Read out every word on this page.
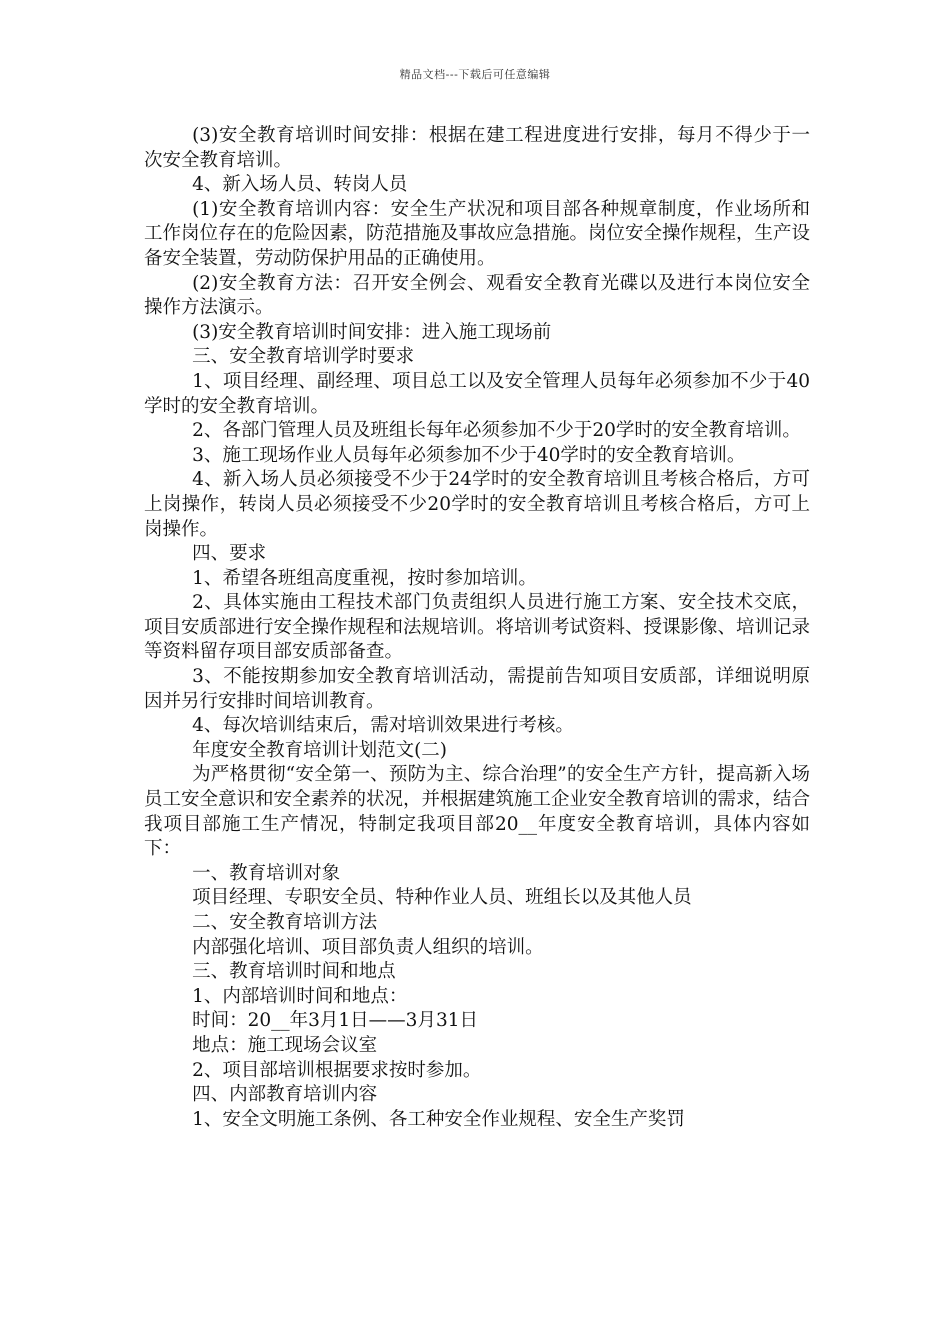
精品文档---下载后可任意编辑

(3)安全教育培训时间安排：根据在建工程进度进行安排，每月不得少于一次安全教育培训。

4、新入场人员、转岗人员

(1)安全教育培训内容：安全生产状况和项目部各种规章制度，作业场所和工作岗位存在的危险因素，防范措施及事故应急措施。岗位安全操作规程，生产设备安全装置，劳动防保护用品的正确使用。

(2)安全教育方法：召开安全例会、观看安全教育光碟以及进行本岗位安全操作方法演示。

(3)安全教育培训时间安排：进入施工现场前

三、安全教育培训学时要求

1、项目经理、副经理、项目总工以及安全管理人员每年必须参加不少于40学时的安全教育培训。

2、各部门管理人员及班组长每年必须参加不少于20学时的安全教育培训。

3、施工现场作业人员每年必须参加不少于40学时的安全教育培训。

4、新入场人员必须接受不少于24学时的安全教育培训且考核合格后，方可上岗操作，转岗人员必须接受不少20学时的安全教育培训且考核合格后，方可上岗操作。

四、要求

1、希望各班组高度重视，按时参加培训。

2、具体实施由工程技术部门负责组织人员进行施工方案、安全技术交底，项目安质部进行安全操作规程和法规培训。将培训考试资料、授课影像、培训记录等资料留存项目部安质部备查。

3、不能按期参加安全教育培训活动，需提前告知项目安质部，详细说明原因并另行安排时间培训教育。

4、每次培训结束后，需对培训效果进行考核。

年度安全教育培训计划范文(二)

为严格贯彻“安全第一、预防为主、综合治理”的安全生产方针，提高新入场员工安全意识和安全素养的状况，并根据建筑施工企业安全教育培训的需求，结合我项目部施工生产情况，特制定我项目部20__年度安全教育培训，具体内容如下：

一、教育培训对象

项目经理、专职安全员、特种作业人员、班组长以及其他人员

二、安全教育培训方法

内部强化培训、项目部负责人组织的培训。

三、教育培训时间和地点

1、内部培训时间和地点：

时间：20__年3月1日——3月31日

地点：施工现场会议室

2、项目部培训根据要求按时参加。

四、内部教育培训内容

1、安全文明施工条例、各工种安全作业规程、安全生产奖罚
